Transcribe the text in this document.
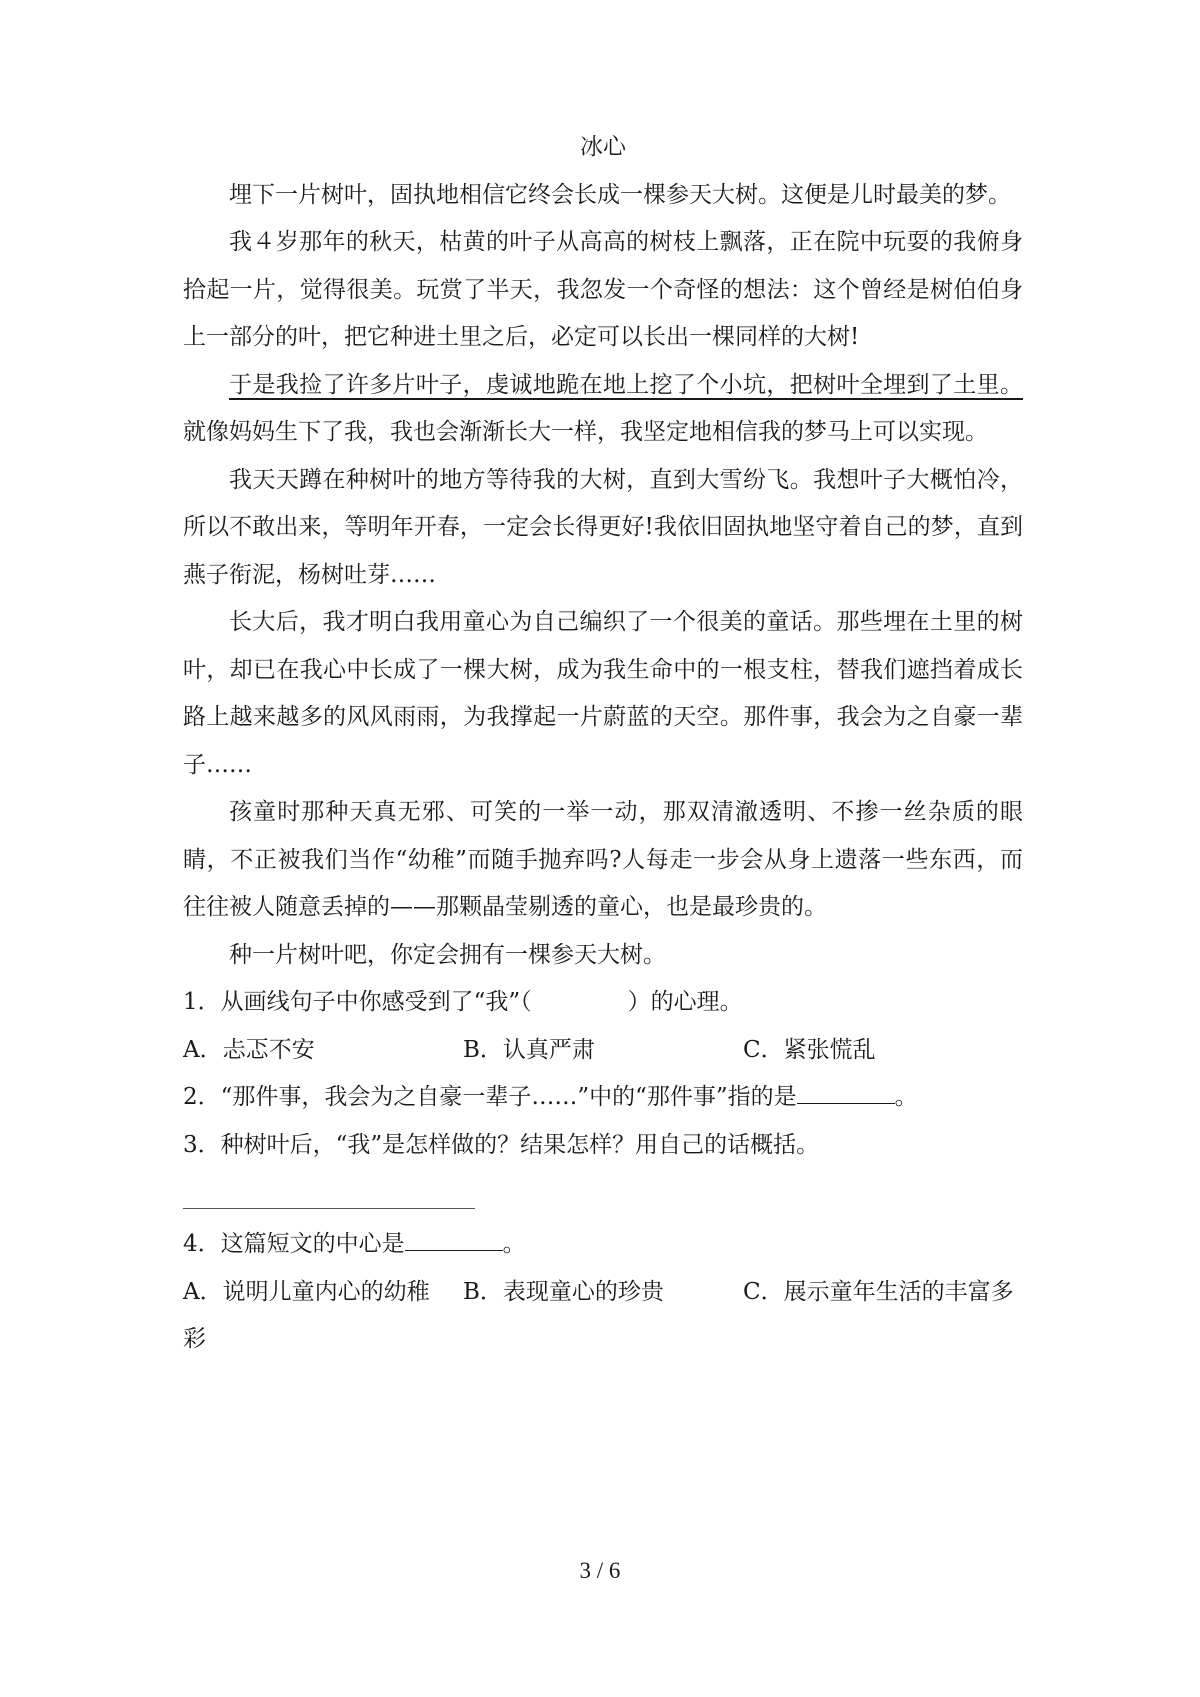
冰心

埋下一片树叶，固执地相信它终会长成一棵参天大树。这便是儿时最美的梦。

我４岁那年的秋天，枯黄的叶子从高高的树枝上飘落，正在院中玩耍的我俯身拾起一片，觉得很美。玩赏了半天，我忽发一个奇怪的想法：这个曾经是树伯伯身上一部分的叶，把它种进土里之后，必定可以长出一棵同样的大树!

于是我捡了许多片叶子，虔诚地跪在地上挖了个小坑，把树叶全埋到了土里。就像妈妈生下了我，我也会渐渐长大一样，我坚定地相信我的梦马上可以实现。

我天天蹲在种树叶的地方等待我的大树，直到大雪纷飞。我想叶子大概怕冷，所以不敢出来，等明年开春，一定会长得更好!我依旧固执地坚守着自己的梦，直到燕子衔泥，杨树吐芽……

长大后，我才明白我用童心为自己编织了一个很美的童话。那些埋在土里的树叶，却已在我心中长成了一棵大树，成为我生命中的一根支柱，替我们遮挡着成长路上越来越多的风风雨雨，为我撑起一片蔚蓝的天空。那件事，我会为之自豪一辈子……

孩童时那种天真无邪、可笑的一举一动，那双清澈透明、不掺一丝杂质的眼睛，不正被我们当作“幼稚”而随手抛弃吗?人每走一步会从身上遗落一些东西，而往往被人随意丢掉的——那颗晶莹剔透的童心，也是最珍贵的。

种一片树叶吧，你定会拥有一棵参天大树。

1．从画线句子中你感受到了“我”（	）的心理。

A．忐忑不安	B．认真严肃	C．紧张慌乱

2．“那件事，我会为之自豪一辈子……”中的“那件事”指的是	。

3．种树叶后，“我”是怎样做的？结果怎样？用自己的话概括。

4．这篇短文的中心是	。

A．说明儿童内心的幼稚 B．表现童心的珍贵	C．展示童年生活的丰富多
彩
3 / 6
